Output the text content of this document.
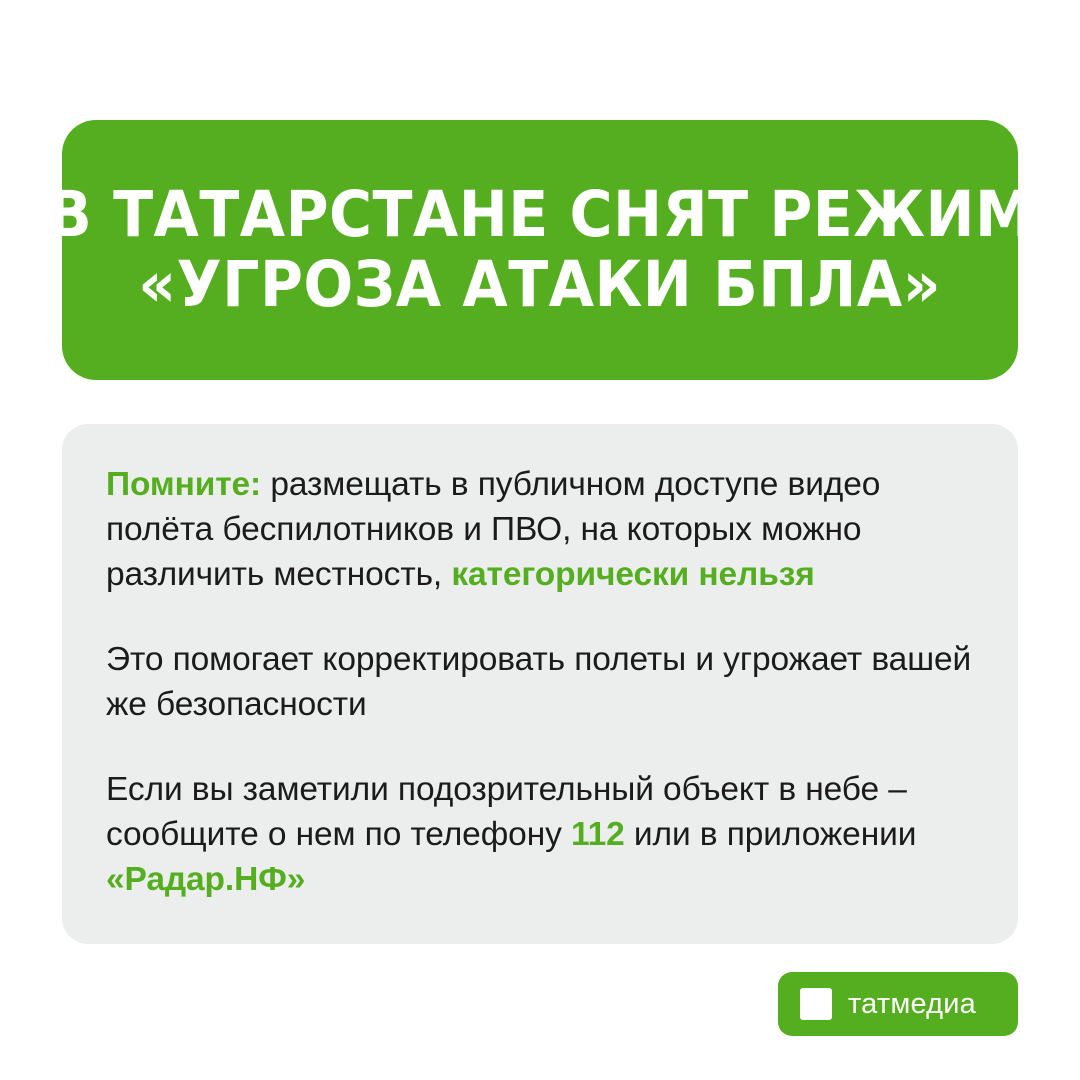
В ТАТАРСТАНЕ СНЯТ РЕЖИМ
«УГРОЗА АТАКИ БПЛА»

Помните: размещать в публичном доступе видео полёта беспилотников и ПВО, на которых можно различить местность, категорически нельзя

Это помогает корректировать полеты и угрожает вашей же безопасности

Если вы заметили подозрительный объект в небе – сообщите о нем по телефону 112 или в приложении «Радар.НФ»

татмедиа
